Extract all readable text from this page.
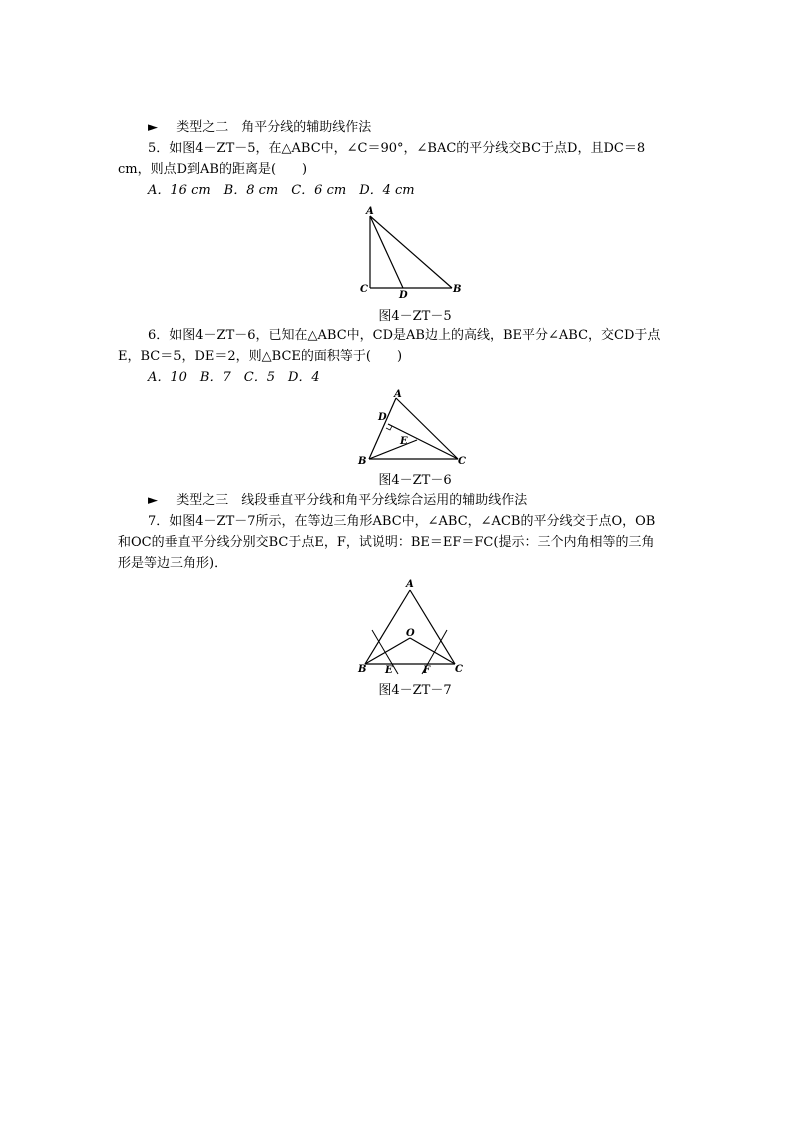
► 类型之二　角平分线的辅助线作法
5．如图4－ZT－5，在△ABC中，∠C＝90°，∠BAC的平分线交BC于点D，且DC＝8
cm，则点D到AB的距离是(　　)
A．16 cm　B．8 cm　C．6 cm　D．4 cm
A
C
D
B
图4－ZT－5
6．如图4－ZT－6，已知在△ABC中，CD是AB边上的高线，BE平分∠ABC，交CD于点
E，BC＝5，DE＝2，则△BCE的面积等于(　　)
A．10　B．7　C．5　D．4
A
D
E
B	C
图4－ZT－6
► 类型之三　线段垂直平分线和角平分线综合运用的辅助线作法
7．如图4－ZT－7所示，在等边三角形ABC中，∠ABC，∠ACB的平分线交于点O，OB
和OC的垂直平分线分别交BC于点E，F，试说明：BE＝EF＝FC(提示：三个内角相等的三角
形是等边三角形)．
A
O
B E	F C
图4－ZT－7
